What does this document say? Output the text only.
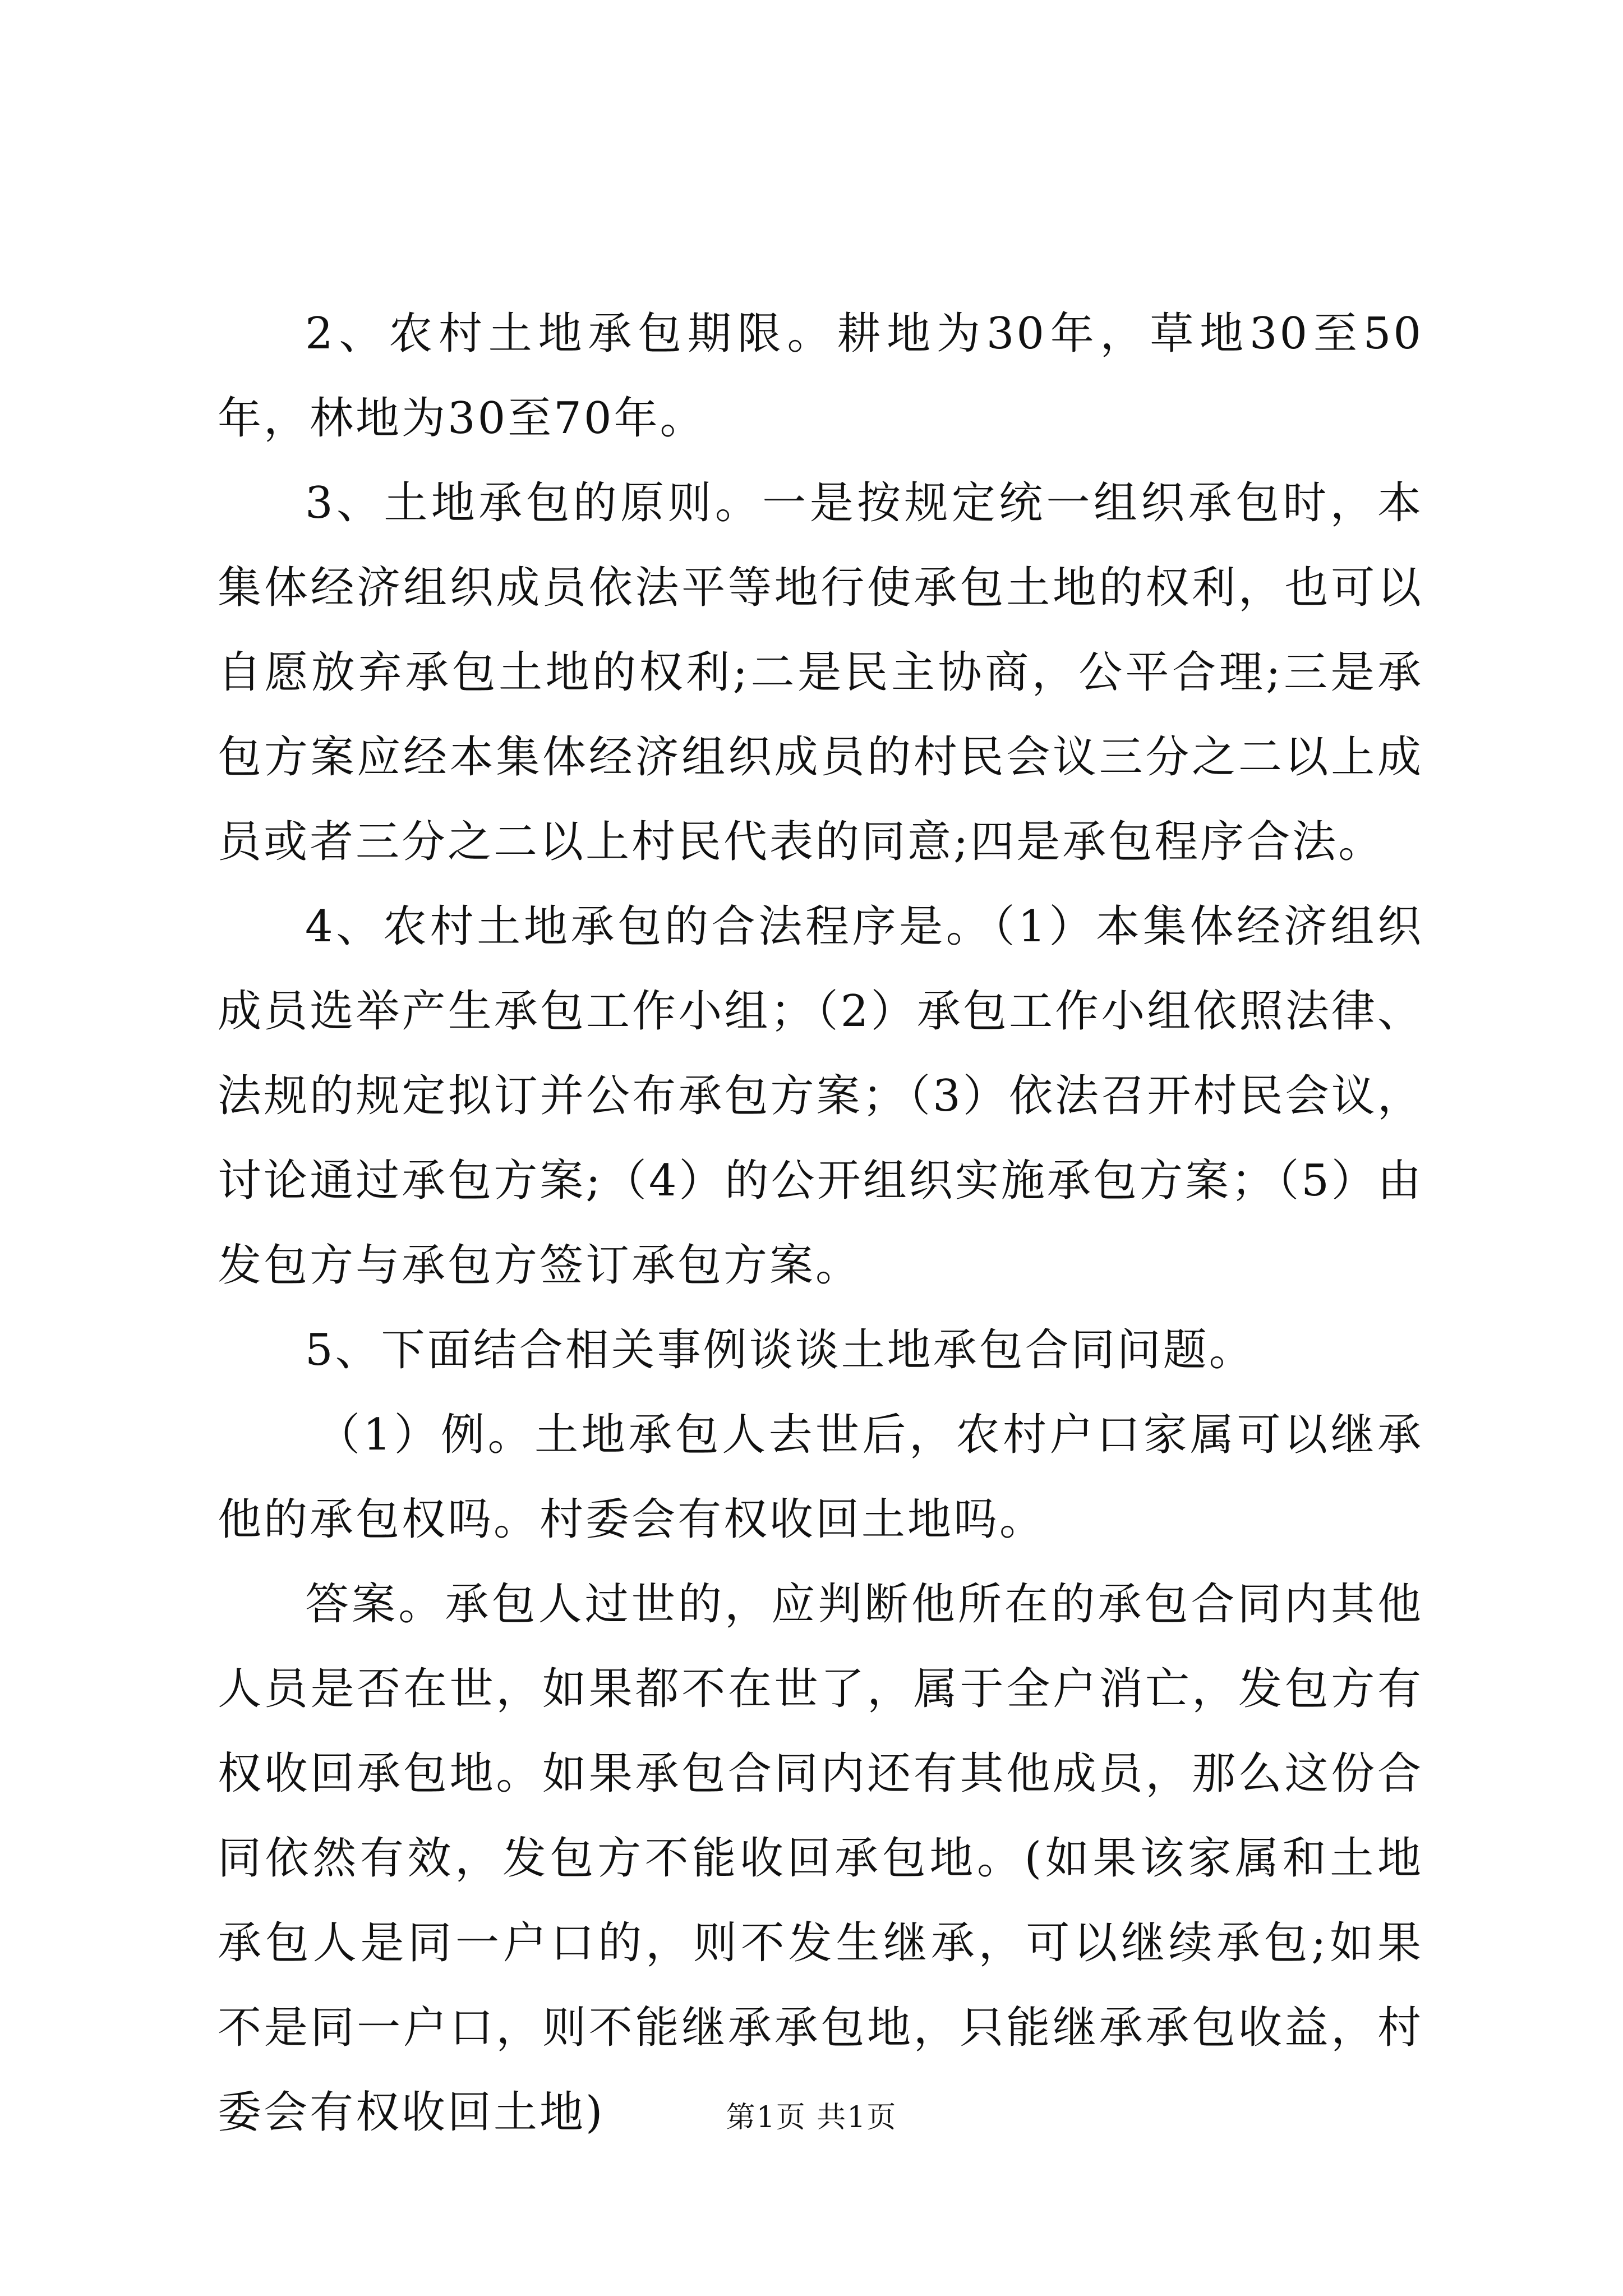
2、农村土地承包期限。耕地为30年，草地30至50年，林地为30至70年。

3、土地承包的原则。一是按规定统一组织承包时，本集体经济组织成员依法平等地行使承包土地的权利，也可以自愿放弃承包土地的权利;二是民主协商，公平合理;三是承包方案应经本集体经济组织成员的村民会议三分之二以上成员或者三分之二以上村民代表的同意;四是承包程序合法。

4、农村土地承包的合法程序是。（1）本集体经济组织成员选举产生承包工作小组；（2）承包工作小组依照法律、法规的规定拟订并公布承包方案；（3）依法召开村民会议，讨论通过承包方案;（4）的公开组织实施承包方案；（5）由发包方与承包方签订承包方案。

5、下面结合相关事例谈谈土地承包合同问题。

（1）例。土地承包人去世后，农村户口家属可以继承他的承包权吗。村委会有权收回土地吗。

答案。承包人过世的，应判断他所在的承包合同内其他人员是否在世，如果都不在世了，属于全户消亡，发包方有权收回承包地。如果承包合同内还有其他成员，那么这份合同依然有效，发包方不能收回承包地。(如果该家属和土地承包人是同一户口的，则不发生继承，可以继续承包;如果不是同一户口，则不能继承承包地，只能继承承包收益，村委会有权收回土地)	第1页 共1页
